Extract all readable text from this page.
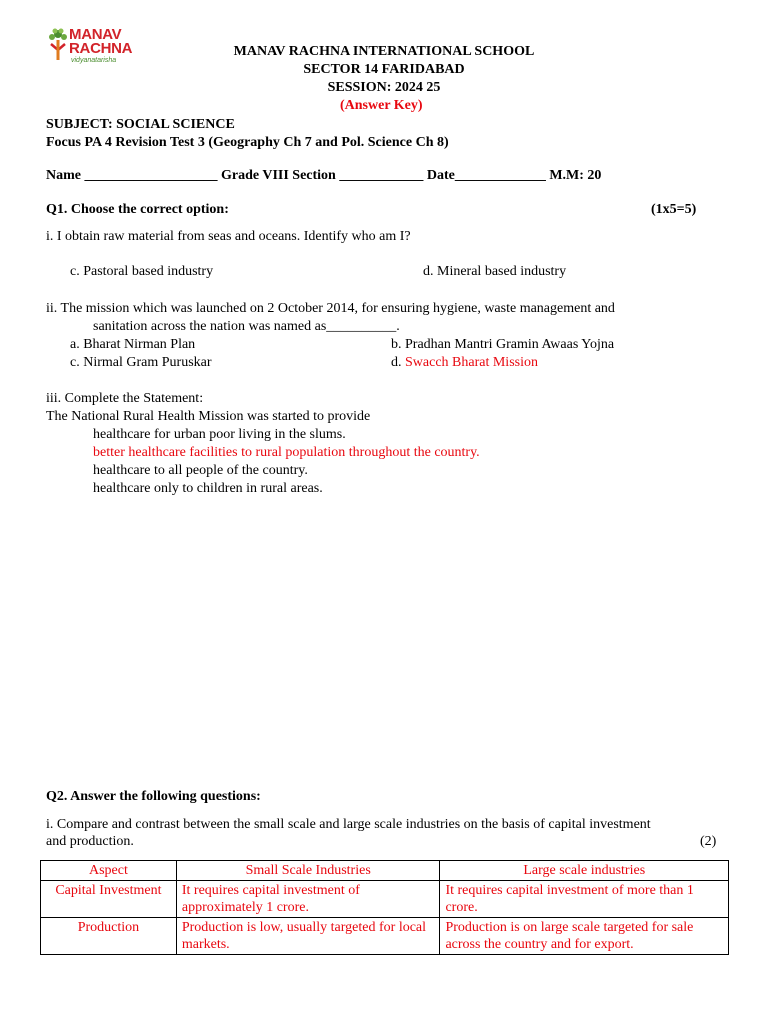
MANAV
RACHNA
vidyanatarisha
MANAV RACHNA INTERNATIONAL SCHOOL
SECTOR 14 FARIDABAD
SESSION: 2024 25
(Answer Key)
SUBJECT: SOCIAL SCIENCE
Focus PA 4 Revision Test 3 (Geography Ch 7 and Pol. Science Ch 8)
Name ___________________ Grade VIII Section ____________ Date_____________ M.M: 20
Q1. Choose the correct option:	(1x5=5)
i. I obtain raw material from seas and oceans. Identify who am I?
c. Pastoral based industry	d. Mineral based industry
ii. The mission which was launched on 2 October 2014, for ensuring hygiene, waste management and
sanitation across the nation was named as__________.
a. Bharat Nirman Plan	b. Pradhan Mantri Gramin Awaas Yojna
c. Nirmal Gram Puruskar	d. Swacch Bharat Mission
iii. Complete the Statement:
The National Rural Health Mission was started to provide
healthcare for urban poor living in the slums.
better healthcare facilities to rural population throughout the country.
healthcare to all people of the country.
healthcare only to children in rural areas.
Q2. Answer the following questions:
i. Compare and contrast between the small scale and large scale industries on the basis of capital investment
and production.	(2)
Aspect	Small Scale Industries	Large scale industries
Capital Investment	It requires capital investment of approximately 1 crore.	It requires capital investment of more than 1 crore.
Production	Production is low, usually targeted for local markets.	Production is on large scale targeted for sale across the country and for export.
